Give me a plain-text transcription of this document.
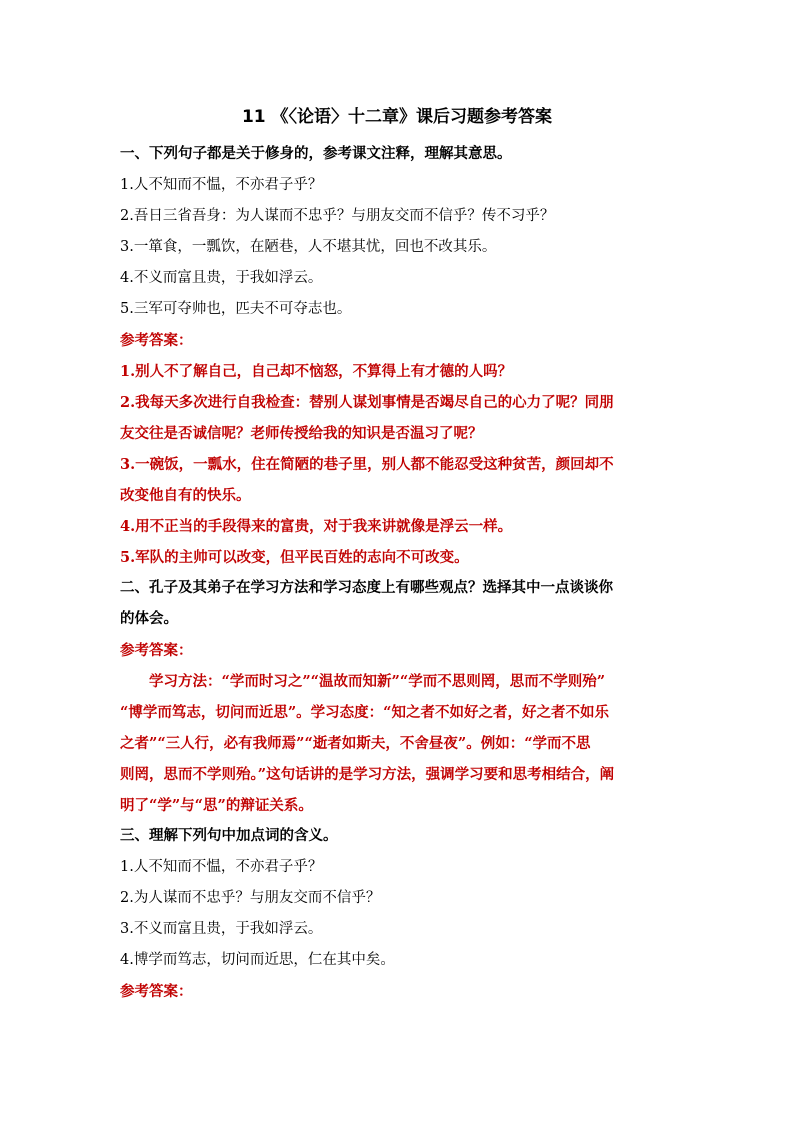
11 《〈论语〉十二章》课后习题参考答案
一、下列句子都是关于修身的，参考课文注释，理解其意思。
1.人不知而不愠，不亦君子乎？
2.吾日三省吾身：为人谋而不忠乎？与朋友交而不信乎？传不习乎？
3.一箪食，一瓢饮，在陋巷，人不堪其忧，回也不改其乐。
4.不义而富且贵，于我如浮云。
5.三军可夺帅也，匹夫不可夺志也。
参考答案：
1.别人不了解自己，自己却不恼怒，不算得上有才德的人吗？
2.我每天多次进行自我检查：替别人谋划事情是否竭尽自己的心力了呢？同朋
友交往是否诚信呢？老师传授给我的知识是否温习了呢？
3.一碗饭，一瓢水，住在简陋的巷子里，别人都不能忍受这种贫苦，颜回却不
改变他自有的快乐。
4.用不正当的手段得来的富贵，对于我来讲就像是浮云一样。
5.军队的主帅可以改变，但平民百姓的志向不可改变。
二、孔子及其弟子在学习方法和学习态度上有哪些观点？选择其中一点谈谈你
的体会。
参考答案：
学习方法：“学而时习之”“温故而知新”“学而不思则罔，思而不学则殆”
“博学而笃志，切问而近思”。学习态度：“知之者不如好之者，好之者不如乐
之者”“三人行，必有我师焉”“逝者如斯夫，不舍昼夜”。例如：“学而不思
则罔，思而不学则殆。”这句话讲的是学习方法，强调学习要和思考相结合，阐
明了“学”与“思”的辩证关系。
三、理解下列句中加点词的含义。
1.人不知而不愠，不亦君子乎？
2.为人谋而不忠乎？与朋友交而不信乎？
3.不义而富且贵，于我如浮云。
4.博学而笃志，切问而近思，仁在其中矣。
参考答案：
